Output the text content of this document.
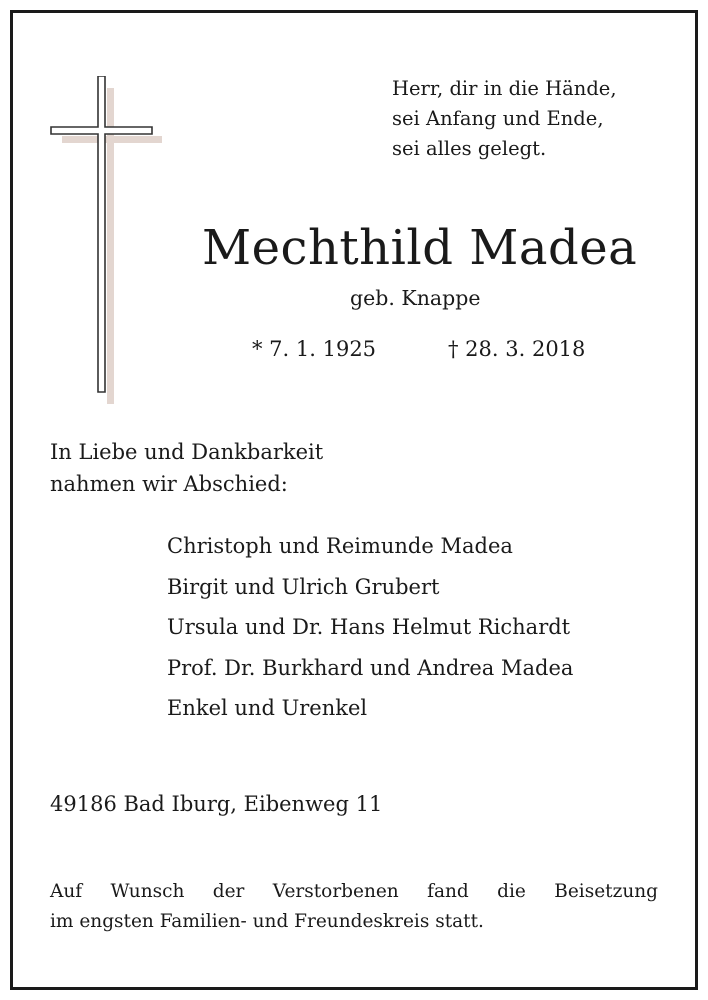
Herr, dir in die Hände,
sei Anfang und Ende,
sei alles gelegt.
Mechthild Madea
geb. Knappe
* 7. 1. 1925	† 28. 3. 2018
In Liebe und Dankbarkeit
nahmen wir Abschied:
Christoph und Reimunde Madea
Birgit und Ulrich Grubert
Ursula und Dr. Hans Helmut Richardt
Prof. Dr. Burkhard und Andrea Madea
Enkel und Urenkel
49186 Bad Iburg, Eibenweg 11
Auf Wunsch der Verstorbenen fand die Beisetzung
im engsten Familien- und Freundeskreis statt.
